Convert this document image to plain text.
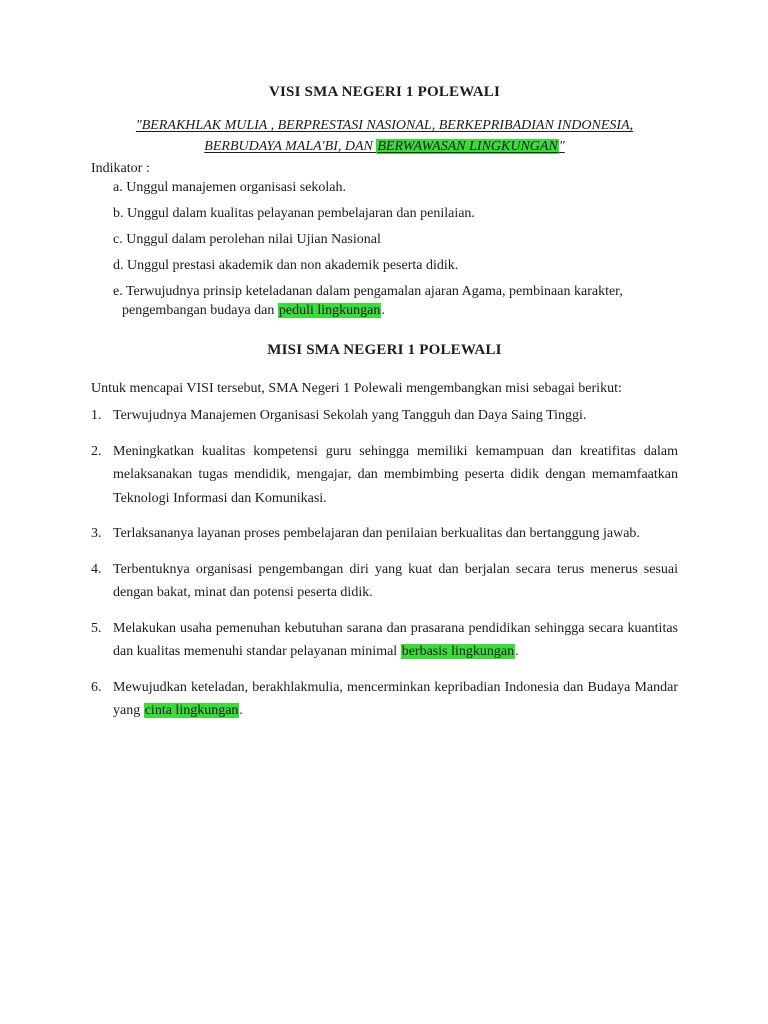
VISI SMA NEGERI 1 POLEWALI

"BERAKHLAK MULIA , BERPRESTASI NASIONAL, BERKEPRIBADIAN INDONESIA,
BERBUDAYA MALA'BI, DAN BERWAWASAN LINGKUNGAN"

Indikator :

a. Unggul manajemen organisasi sekolah.
b. Unggul dalam kualitas pelayanan pembelajaran dan penilaian.
c. Unggul dalam perolehan nilai Ujian Nasional
d. Unggul prestasi akademik dan non akademik peserta didik.
e. Terwujudnya prinsip keteladanan dalam pengamalan ajaran Agama, pembinaan karakter, pengembangan budaya dan peduli lingkungan.
MISI SMA NEGERI 1 POLEWALI

Untuk mencapai VISI tersebut, SMA Negeri 1 Polewali mengembangkan misi sebagai berikut:

1. Terwujudnya Manajemen Organisasi Sekolah yang Tangguh dan Daya Saing Tinggi.
2. Meningkatkan kualitas kompetensi guru sehingga memiliki kemampuan dan kreatifitas dalam melaksanakan tugas mendidik, mengajar, dan membimbing peserta didik dengan memamfaatkan Teknologi Informasi dan Komunikasi.
3. Terlaksananya layanan proses pembelajaran dan penilaian berkualitas dan bertanggung jawab.
4. Terbentuknya organisasi pengembangan diri yang kuat dan berjalan secara terus menerus sesuai dengan bakat, minat dan potensi peserta didik.
5. Melakukan usaha pemenuhan kebutuhan sarana dan prasarana pendidikan sehingga secara kuantitas dan kualitas memenuhi standar pelayanan minimal berbasis lingkungan.
6. Mewujudkan keteladan, berakhlakmulia, mencerminkan kepribadian Indonesia dan Budaya Mandar yang cinta lingkungan.
